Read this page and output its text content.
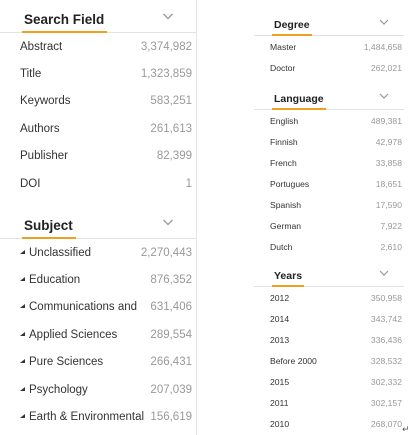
Search Field
Abstract	3,374,982
Title	1,323,859
Keywords	583,251
Authors	261,613
Publisher	82,399
DOI	1
Subject
Unclassified	2,270,443
Education	876,352
Communications and 631,406
Applied Sciences	289,554
Pure Sciences	266,431
Psychology	207,039
Earth & Environmental 156,619
Degree
Master	1,484,658
Doctor	262,021
Language
English	489,381
Finnish	42,978
French	33,858
Portugues	18,651
Spanish	17,590
German	7,922
Dutch	2,610
Years
2012	350,958
2014	343,742
2013	336,436
Before 2000	328,532
2015	302,332
2011	302,157
2010	268,070
↵
